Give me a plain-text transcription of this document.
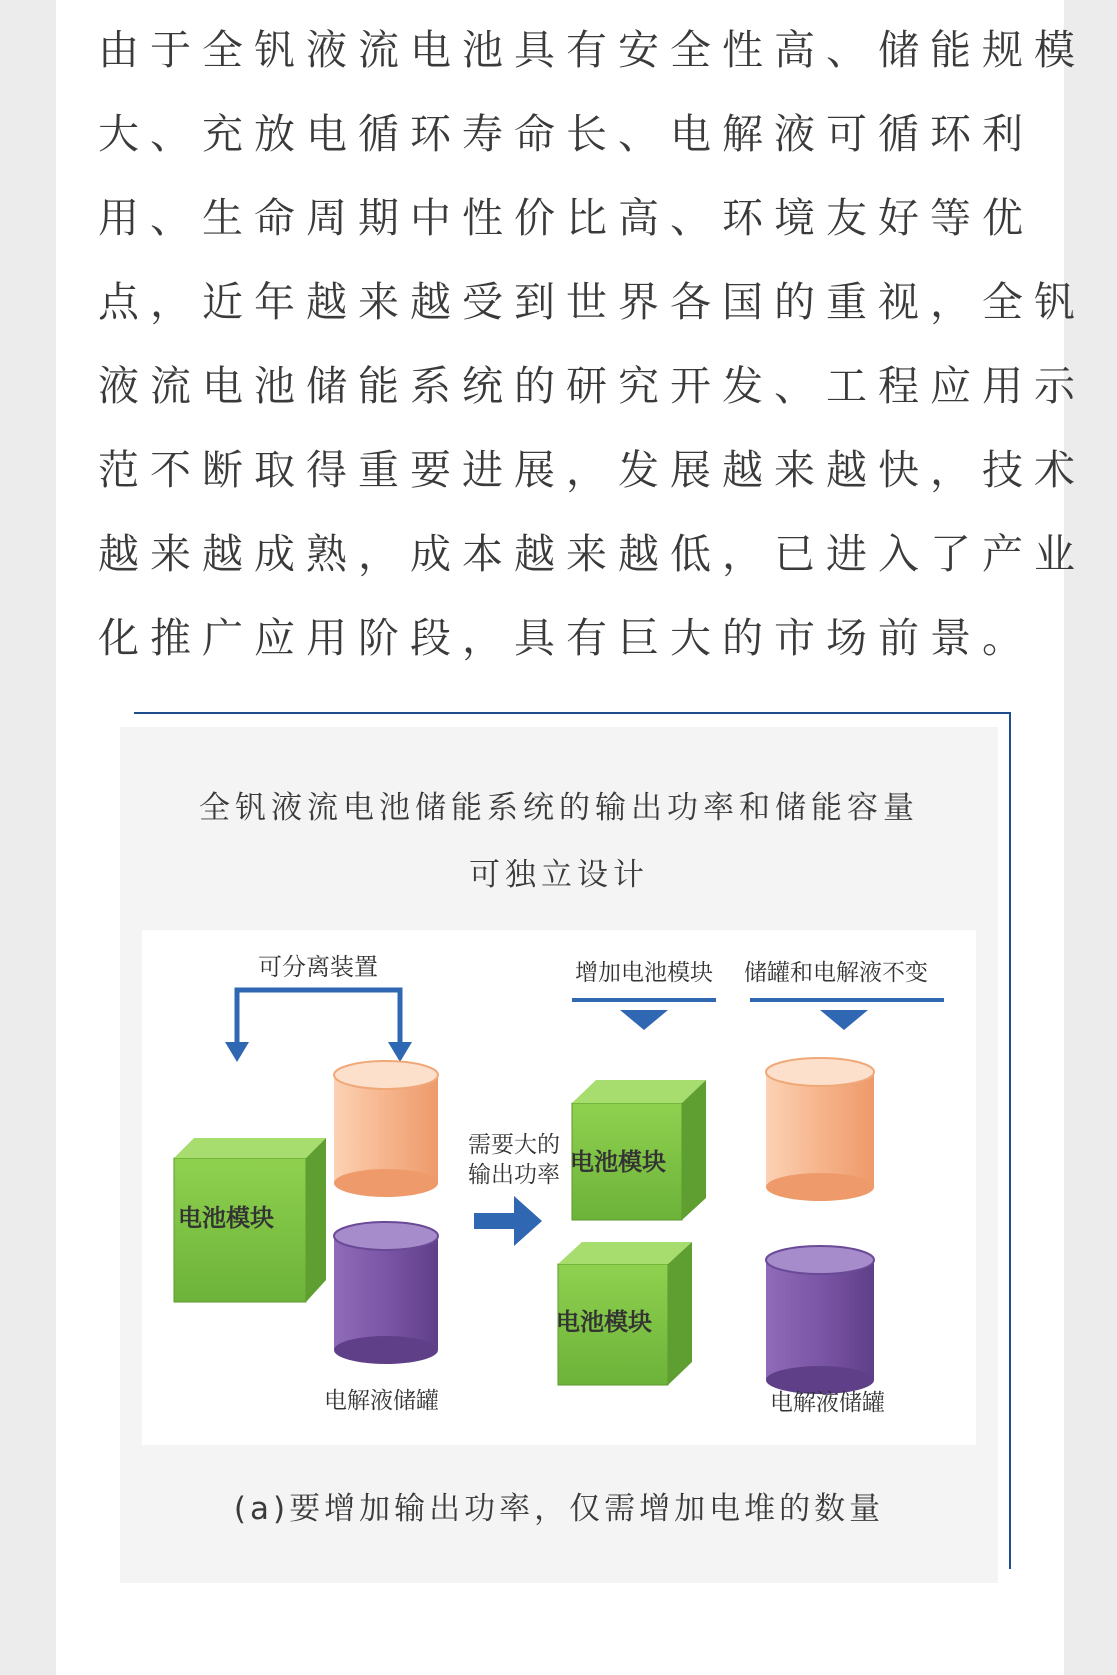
由于全钒液流电池具有安全性高、储能规模
大、充放电循环寿命长、电解液可循环利
用、生命周期中性价比高、环境友好等优
点，近年越来越受到世界各国的重视，全钒
液流电池储能系统的研究开发、工程应用示
范不断取得重要进展，发展越来越快，技术
越来越成熟，成本越来越低，已进入了产业
化推广应用阶段，具有巨大的市场前景。
全钒液流电池储能系统的输出功率和储能容量
可独立设计
可分离装置
电池模块
电解液储罐
需要大的
输出功率
增加电池模块 储罐和电解液不变
电池模块
电池模块
电解液储罐
(a)要增加输出功率，仅需增加电堆的数量
